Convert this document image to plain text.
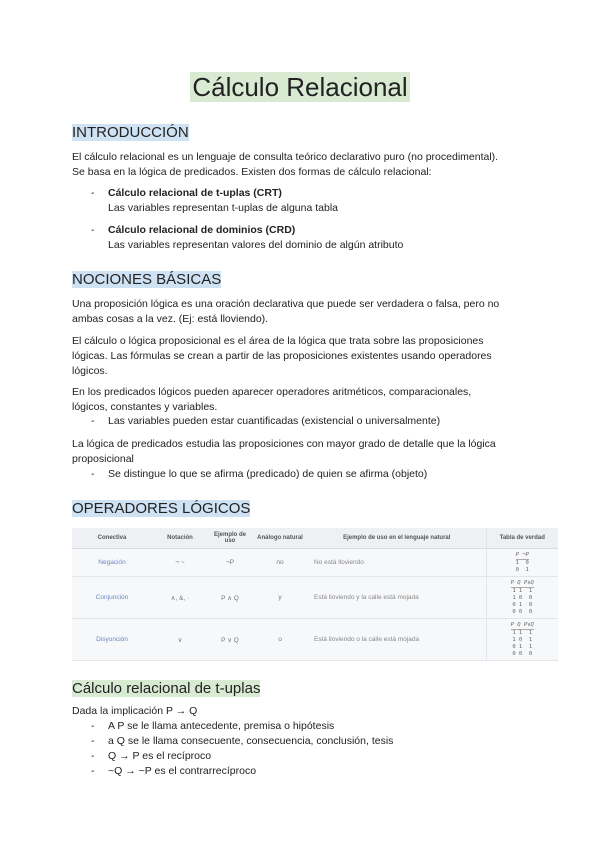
Cálculo Relacional
INTRODUCCIÓN
El cálculo relacional es un lenguaje de consulta teórico declarativo puro (no procedimental).
Se basa en la lógica de predicados. Existen dos formas de cálculo relacional:
- Cálculo relacional de t-uplas (CRT)
Las variables representan t-uplas de alguna tabla
- Cálculo relacional de dominios (CRD)
Las variables representan valores del dominio de algún atributo
NOCIONES BÁSICAS
Una proposición lógica es una oración declarativa que puede ser verdadera o falsa, pero no
ambas cosas a la vez. (Ej: está lloviendo).
El cálculo o lógica proposicional es el área de la lógica que trata sobre las proposiciones
lógicas. Las fórmulas se crean a partir de las proposiciones existentes usando operadores
lógicos.
En los predicados lógicos pueden aparecer operadores aritméticos, comparacionales,
lógicos, constantes y variables.
- Las variables pueden estar cuantificadas (existencial o universalmente)
La lógica de predicados estudia las proposiciones con mayor grado de detalle que la lógica
proposicional
- Se distingue lo que se afirma (predicado) de quien se afirma (objeto)
OPERADORES LÓGICOS
Conectiva	Notación	Ejemplo de uso	Análogo natural	Ejemplo de uso en el lenguaje natural	Tabla de verdad
Negación	¬ ~	¬P	no	No está lloviendo	P ¬P
1  0
0  1

Conjunción	∧, &, ·	P ∧ Q	y	Está lloviendo y la calle está mojada	P Q P∧Q
1 1  1
1 0  0
0 1  0
0 0  0

Disyunción	∨	P ∨ Q	o	Está lloviendo o la calle está mojada	P Q P∨Q
1 1  1
1 0  1
0 1  1
0 0  0
Cálculo relacional de t-uplas
Dada la implicación P → Q
- A P se le llama antecedente, premisa o hipótesis
- a Q se le llama consecuente, consecuencia, conclusión, tesis
- Q → P es el recíproco
- ~Q → ~P es el contrarrecíproco
